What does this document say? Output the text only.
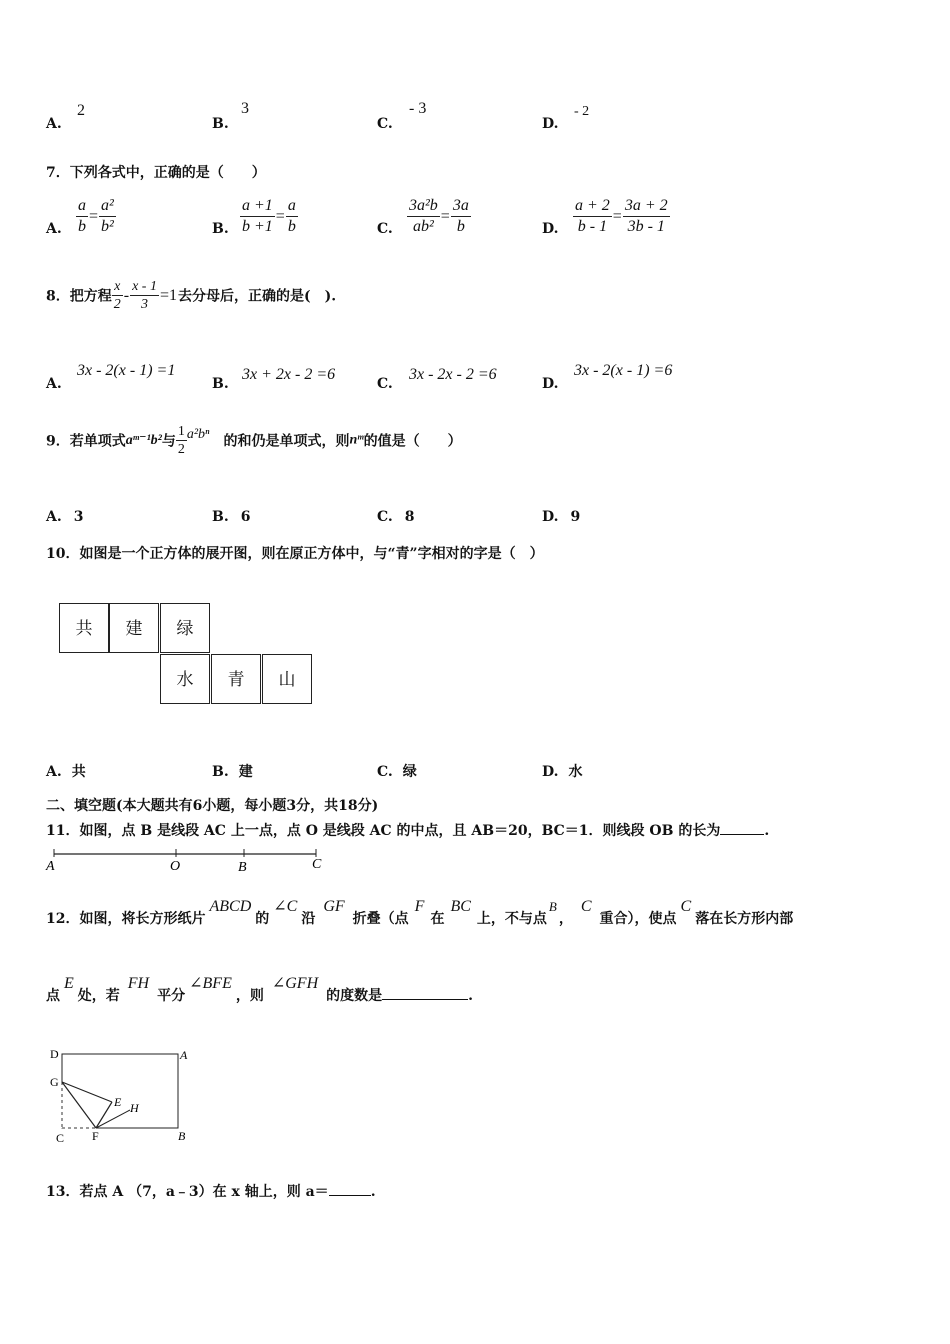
A.
2
B.
3
C.
- 3
D.
- 2
7．下列各式中，正确的是（　　）
A. $\frac{a}{b} = \frac{\text{a²}}{\text{b²}}$	B. $\frac{a +1}{b +1} = \frac{a}{b}$	C. $\frac{\text{3a²b}}{\text{ab²}} = \frac{3a}{b}$	D. $\frac{a + 2}{b - 1} = \frac{3a + 2}{3b - 1}$
8．把方程 $\frac{x}{2} - \frac{x - 1}{3} =1$去分母后，正确的是(　).
A.
3x - 2(x - 1) =1
B.
3x + 2x - 2 =6
C.
3x - 2x - 2 =6
D.
3x - 2(x - 1) =6
9．若单项式aᵐ⁻¹b²与 $\frac{1}{2} a^2b^n$ 的和仍是单项式，则nᵐ的值是（　　）
A. 3	B. 6	C. 8	D. 9
10．如图是一个正方体的展开图，则在原正方体中，与“青”字相对的字是（　）
共	建	绿
水	青	山
A. 共	B. 建	C. 绿	D. 水
二、填空题(本大题共有6小题，每小题3分，共18分)
11．如图，点 B 是线段 AC 上一点，点 O 是线段 AC 的中点，且 AB＝20，BC＝1．则线段 OB 的长为	.
A	O	B	C
12．如图，将长方形纸片ABCD的∠C沿GF折叠（点F在BC上，不与点$^B$，C重合），使点C落在长方形内部
点E处，若FH平分∠BFE，则∠GFH的度数是	.
D	A
G
E H
C F	B
13．若点 A （7，a﹣3）在 x 轴上，则 a＝	.
